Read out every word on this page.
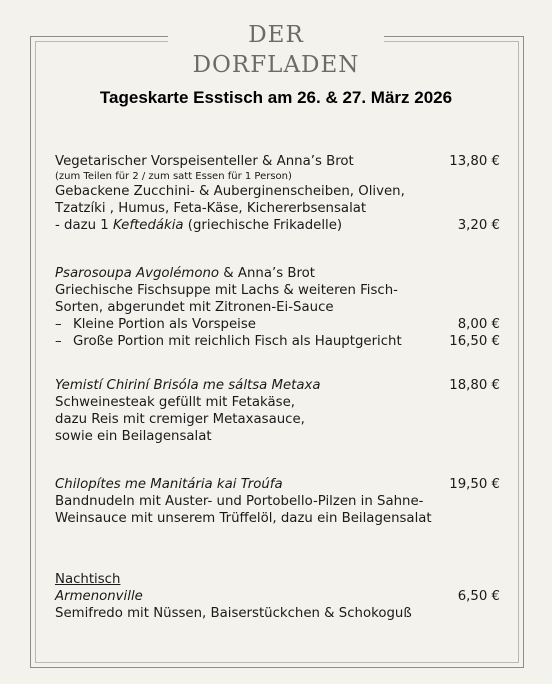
DER DORFLADEN
Tageskarte Esstisch am 26. & 27. März 2026
Vegetarischer Vorspeisenteller & Anna’s Brot	13,80 €
(zum Teilen für 2 / zum satt Essen für 1 Person)
Gebackene Zucchini- & Auberginenscheiben, Oliven,
Tzatzíki , Humus, Feta-Käse, Kichererbsensalat
- dazu 1 Keftedákia (griechische Frikadelle)	3,20 €
Psarosoupa Avgolémono & Anna’s Brot
Griechische Fischsuppe mit Lachs & weiteren Fisch-
Sorten, abgerundet mit Zitronen-Ei-Sauce
– Kleine Portion als Vorspeise	8,00 €
– Große Portion mit reichlich Fisch als Hauptgericht	16,50 €
Yemistí Chiriní Brisóla me sáltsa Metaxa	18,80 €
Schweinesteak gefüllt mit Fetakäse,
dazu Reis mit cremiger Metaxasauce,
sowie ein Beilagensalat
Chilopítes me Manitária kai Troúfa	19,50 €
Bandnudeln mit Auster- und Portobello-Pilzen in Sahne-
Weinsauce mit unserem Trüffelöl, dazu ein Beilagensalat
Nachtisch
Armenonville	6,50 €
Semifredo mit Nüssen, Baiserstückchen & Schokoguß
